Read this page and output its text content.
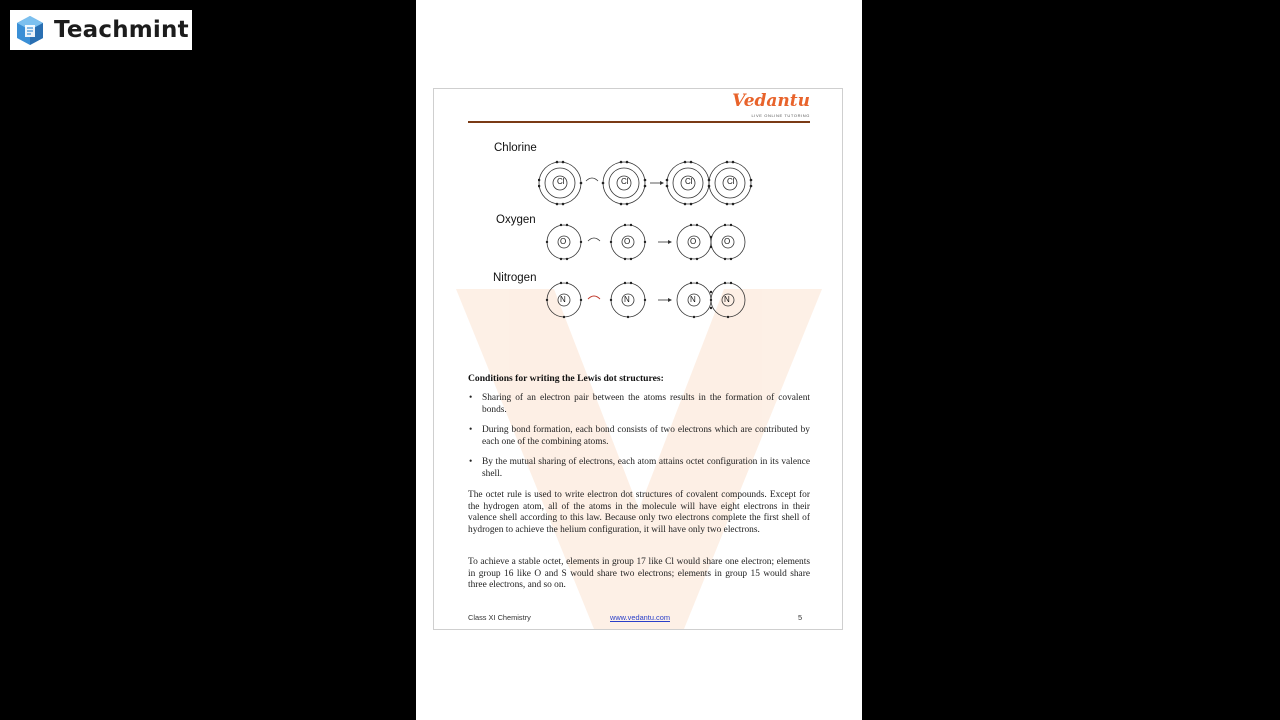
Teachmint
Vedantu
LIVE ONLINE TUTORING
Chlorine
Cl	Cl	Cl	Cl
Oxygen
O	O	O	O
Nitrogen
N	N	N	N
Conditions for writing the Lewis dot structures:
• Sharing of an electron pair between the atoms results in the formation of covalent bonds.
• During bond formation, each bond consists of two electrons which are contributed by each one of the combining atoms.
• By the mutual sharing of electrons, each atom attains octet configuration in its valence shell.
The octet rule is used to write electron dot structures of covalent compounds. Except for the hydrogen atom, all of the atoms in the molecule will have eight electrons in their valence shell according to this law. Because only two electrons complete the first shell of hydrogen to achieve the helium configuration, it will have only two electrons.
To achieve a stable octet, elements in group 17 like Cl would share one electron; elements in group 16 like O and S would share two electrons; elements in group 15 would share three electrons, and so on.
Class XI Chemistry	www.vedantu.com	5
